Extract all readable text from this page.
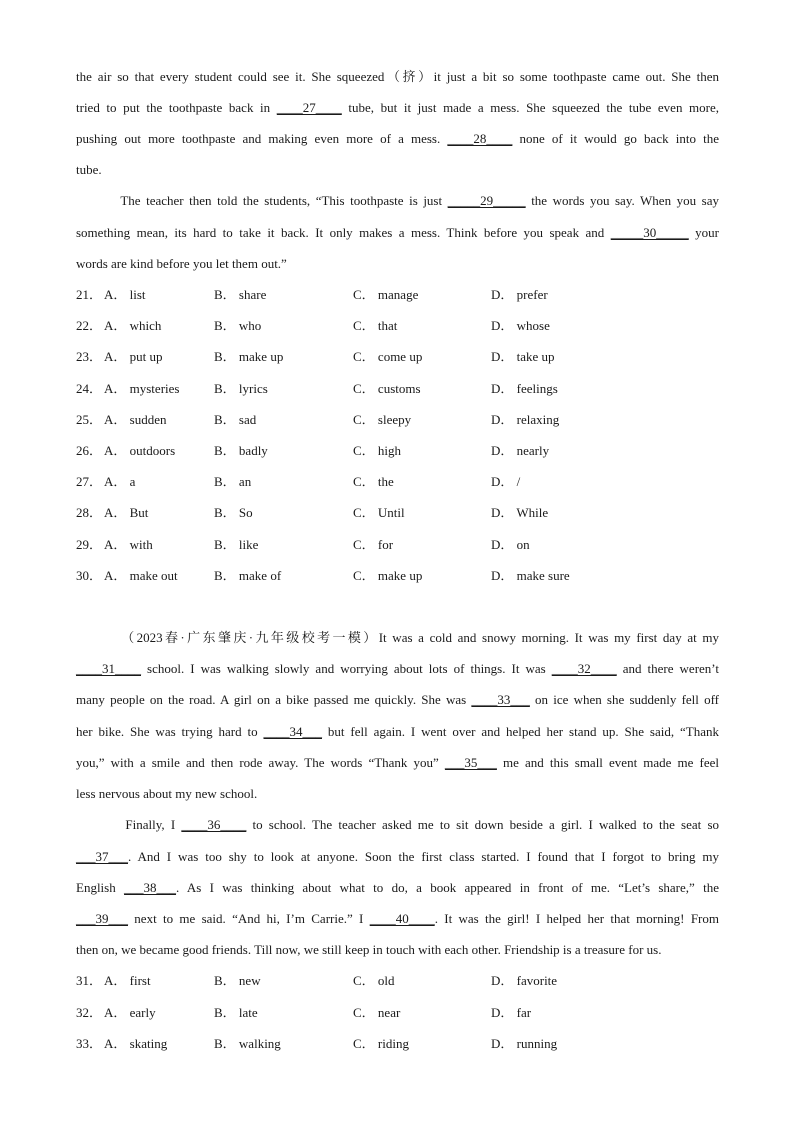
the air so that every student could see it. She squeezed（挤）it just a bit so some toothpaste came out. She then
tried to put the toothpaste back in ____27____ tube, but it just made a mess. She squeezed the tube even more,
pushing out more toothpaste and making even more of a mess. ____28____ none of it would go back into the
tube.
The teacher then told the students, “This toothpaste is just _____29_____ the words you say. When you say
something mean, its hard to take it back. It only makes a mess. Think before you speak and _____30_____ your
words are kind before you let them out.”
21． A． list	B． share	C． manage	D． prefer
22． A． which	B． who	C． that	D． whose
23． A． put up	B． make up	C． come up	D． take up
24． A． mysteries	B． lyrics	C． customs	D． feelings
25． A． sudden	B． sad	C． sleepy	D． relaxing
26． A． outdoors	B． badly	C． high	D． nearly
27． A． a	B． an	C． the	D． /
28． A． But	B． So	C． Until	D． While
29． A． with	B． like	C． for	D． on
30． A． make out	B． make of	C． make up	D． make sure
（2023春·广东肇庆·九年级校考一模）It was a cold and snowy morning. It was my first day at my
____31____ school. I was walking slowly and worrying about lots of things. It was ____32____ and there weren’t
many people on the road. A girl on a bike passed me quickly. She was ____33___ on ice when she suddenly fell off
her bike. She was trying hard to ____34___ but fell again. I went over and helped her stand up. She said, “Thank
you,” with a smile and then rode away. The words “Thank you” ___35___ me and this small event made me feel
less nervous about my new school.
Finally, I ____36____ to school. The teacher asked me to sit down beside a girl. I walked to the seat so
___37___. And I was too shy to look at anyone. Soon the first class started. I found that I forgot to bring my
English ___38___. As I was thinking about what to do, a book appeared in front of me. “Let’s share,” the
___39___ next to me said. “And hi, I’m Carrie.” I ____40____. It was the girl! I helped her that morning! From
then on, we became good friends. Till now, we still keep in touch with each other. Friendship is a treasure for us.
31． A． first	B． new	C． old	D． favorite
32． A． early	B． late	C． near	D． far
33． A． skating	B． walking	C． riding	D． running
